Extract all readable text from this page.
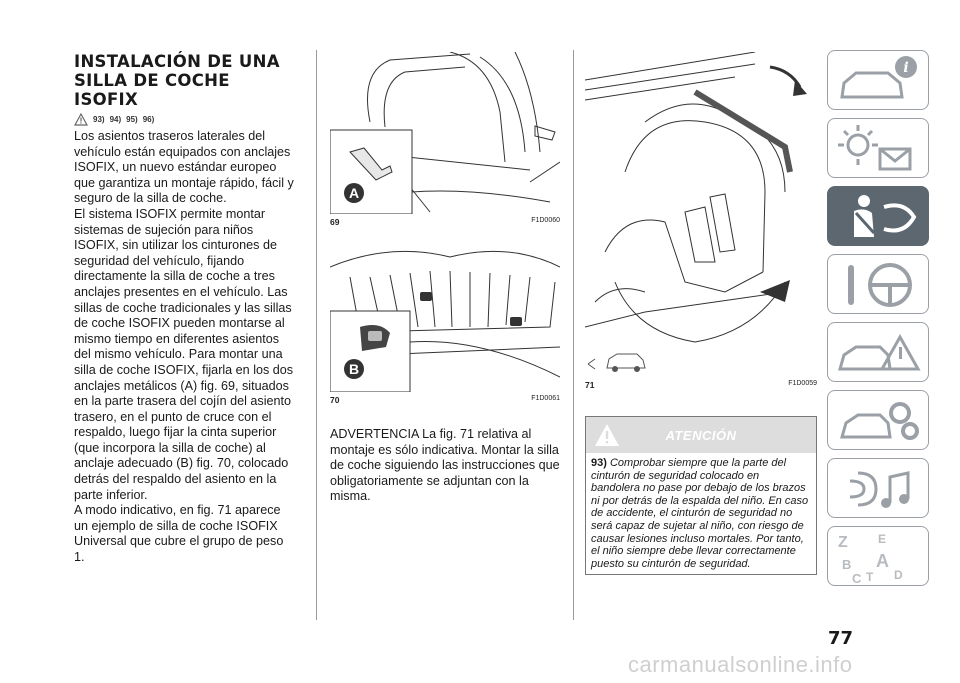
INSTALACIÓN DE UNA
SILLA DE COCHE ISOFIX
93) 94) 95) 96)

Los asientos traseros laterales del vehículo están equipados con anclajes ISOFIX, un nuevo estándar europeo que garantiza un montaje rápido, fácil y seguro de la silla de coche.

El sistema ISOFIX permite montar sistemas de sujeción para niños ISOFIX, sin utilizar los cinturones de seguridad del vehículo, fijando directamente la silla de coche a tres anclajes presentes en el vehículo. Las sillas de coche tradicionales y las sillas de coche ISOFIX pueden montarse al mismo tiempo en diferentes asientos del mismo vehículo. Para montar una silla de coche ISOFIX, fijarla en los dos anclajes metálicos (A) fig. 69, situados en la parte trasera del cojín del asiento trasero, en el punto de cruce con el respaldo, luego fijar la cinta superior (que incorpora la silla de coche) al anclaje adecuado (B) fig. 70, colocado detrás del respaldo del asiento en la parte inferior.

A modo indicativo, en fig. 71 aparece un ejemplo de silla de coche ISOFIX Universal que cubre el grupo de peso 1.

A
69	F1D0060
B
70	F1D0061
ADVERTENCIA La fig. 71 relativa al montaje es sólo indicativa. Montar la silla de coche siguiendo las instrucciones que obligatoriamente se adjuntan con la misma.
71	F1D0059
ATENCIÓN
93) Comprobar siempre que la parte del cinturón de seguridad colocado en bandolera no pase por debajo de los brazos ni por detrás de la espalda del niño. En caso de accidente, el cinturón de seguridad no será capaz de sujetar al niño, con riesgo de causar lesiones incluso mortales. Por tanto, el niño siempre debe llevar correctamente puesto su cinturón de seguridad.
i
Z	E
B A
C T D
77
carmanualsonline.info
